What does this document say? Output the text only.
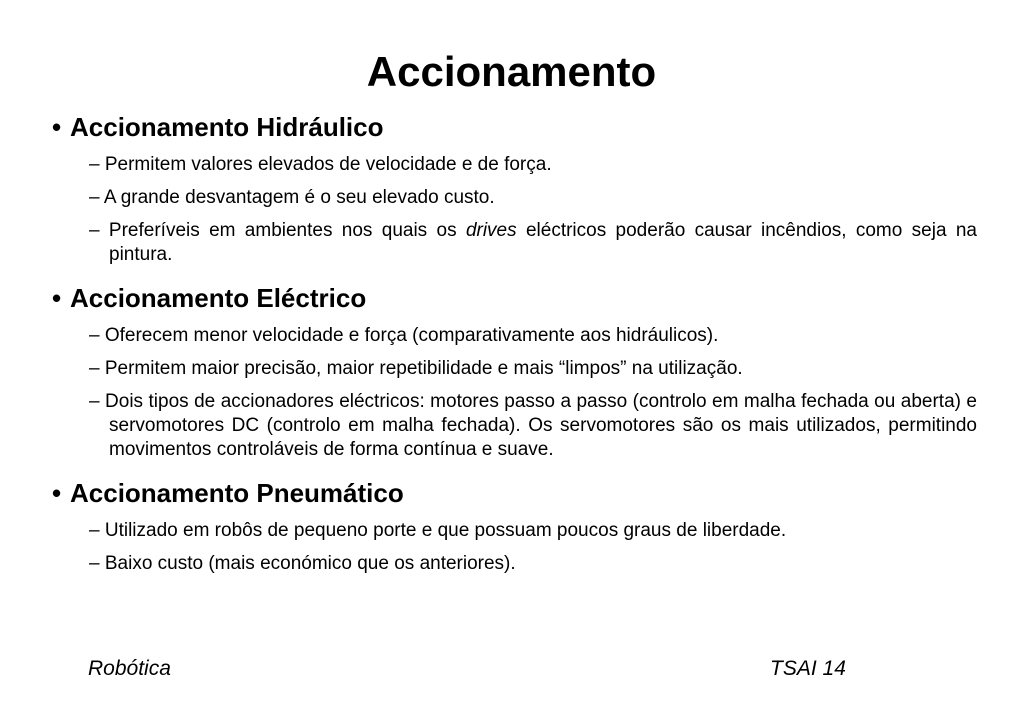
Accionamento
• Accionamento Hidráulico
– Permitem valores elevados de velocidade e de força.
– A grande desvantagem é o seu elevado custo.
– Preferíveis em ambientes nos quais os drives eléctricos poderão causar incêndios, como seja na pintura.
• Accionamento Eléctrico
– Oferecem menor velocidade e força (comparativamente aos hidráulicos).
– Permitem maior precisão, maior repetibilidade e mais “limpos” na utilização.
– Dois tipos de accionadores eléctricos: motores passo a passo (controlo em malha fechada ou aberta) e servomotores DC (controlo em malha fechada). Os servomotores são os mais utilizados, permitindo movimentos controláveis de forma contínua e suave.
• Accionamento Pneumático
– Utilizado em robôs de pequeno porte e que possuam poucos graus de liberdade.
– Baixo custo (mais económico que os anteriores).
Robótica	TSAI 14
